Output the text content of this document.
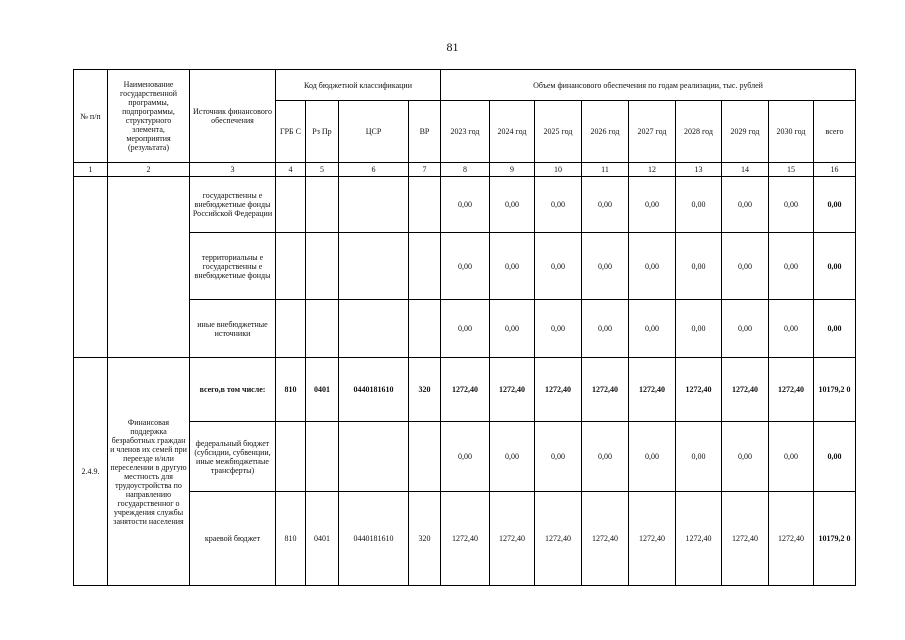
81
№ п/п	Наименование государственной программы, подпрограммы, структурного элемента, мероприятия (результата)	Источник финансового обеспечения	Код бюджетной классификации				Объем финансового обеспечения по годам реализации, тыс. рублей								
			ГРБ С	Рз Пр	ЦСР	ВР	2023 год	2024 год	2025 год	2026 год	2027 год	2028 год	2029 год	2030 год	всего
1	2	3	4	5	6	7	8	9	10	11	12	13	14	15	16
		государственны е внебюджетные фонды Российской Федерации					0,00	0,00	0,00	0,00	0,00	0,00	0,00	0,00	0,00
		территориальны е государственны е внебюджетные фонды					0,00	0,00	0,00	0,00	0,00	0,00	0,00	0,00	0,00
		иные внебюджетные источники					0,00	0,00	0,00	0,00	0,00	0,00	0,00	0,00	0,00
2.4.9.	Финансовая поддержка безработных граждан и членов их семей при переезде и/или переселении в другую местность для трудоустройства по направлению государственног о учреждения службы занятости населения	всего,в том числе:	810	0401	0440181610	320	1272,40	1272,40	1272,40	1272,40	1272,40	1272,40	1272,40	1272,40	10179,2 0
		федеральный бюджет (субсидии, субвенции, иные межбюджетные трансферты)					0,00	0,00	0,00	0,00	0,00	0,00	0,00	0,00	0,00
		краевой бюджет	810	0401	0440181610	320	1272,40	1272,40	1272,40	1272,40	1272,40	1272,40	1272,40	1272,40	10179,2 0
